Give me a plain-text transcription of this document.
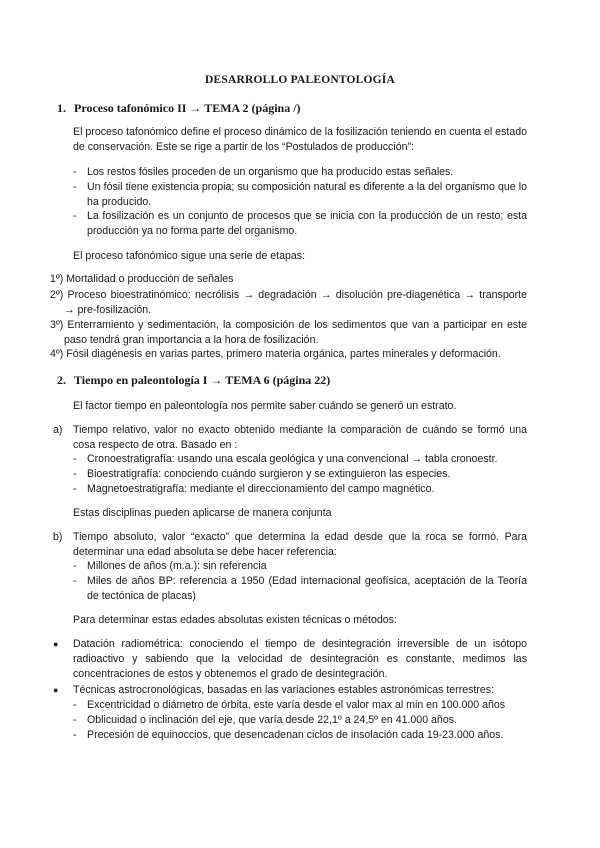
DESARROLLO PALEONTOLOGÍA
1. Proceso tafonómico II → TEMA 2 (página /)
El proceso tafonómico define el proceso dinámico de la fosilización teniendo en cuenta el estado de conservación. Este se rige a partir de los “Postulados de producción”:
- Los restos fósiles proceden de un organismo que ha producido estas señales.
- Un fósil tiene existencia propia; su composición natural es diferente a la del organismo que lo ha producido.
- La fosilización es un conjunto de procesos que se inicia con la producción de un resto; esta producción ya no forma parte del organismo.
El proceso tafonómico sigue una serie de etapas:
1º) Mortalidad o producción de señales
2º) Proceso bioestratinómico: necrólisis → degradación → disolución pre-diagenética → transporte → pre-fosilización.
3º) Enterramiento y sedimentación, la composición de los sedimentos que van a participar en este paso tendrá gran importancia a la hora de fosilización.
4º) Fósil diagénesis en varias partes, primero materia orgánica, partes minerales y deformación.
2. Tiempo en paleontología I → TEMA 6 (página 22)
El factor tiempo en paleontología nos permite saber cuándo se generó un estrato.
a) Tiempo relativo, valor no exacto obtenido mediante la comparación de cuándo se formó una cosa respecto de otra. Basado en :
- Cronoestratigrafía: usando una escala geológica y una convencional → tabla cronoestr.
- Bioestratigrafía: conociendo cuándo surgieron y se extinguieron las especies.
- Magnetoestratigrafía: mediante el direccionamiento del campo magnético.
Estas disciplinas pueden aplicarse de manera conjunta
b) Tiempo absoluto, valor “exacto” que determina la edad desde que la roca se formó. Para determinar una edad absoluta se debe hacer referencia:
- Millones de años (m.a.): sin referencia
- Miles de años BP: referencia a 1950 (Edad internacional geofísica, aceptación de la Teoría de tectónica de placas)
Para determinar estas edades absolutas existen técnicas o métodos:
● Datación radiométrica: conociendo el tiempo de desintegración irreversible de un isótopo radioactivo y sabiendo que la velocidad de desintegración es constante, medimos las concentraciones de estos y obtenemos el grado de desintegración.
● Técnicas astrocronológicas, basadas en las variaciones estables astronómicas terrestres:
- Excentricidad o diámetro de órbita, este varía desde el valor max al min en 100.000 años
- Oblicuidad o inclinación del eje, que varía desde 22,1º a 24,5º en 41.000 años.
- Precesión de equinoccios, que desencadenan ciclos de insolación cada 19-23.000 años.
